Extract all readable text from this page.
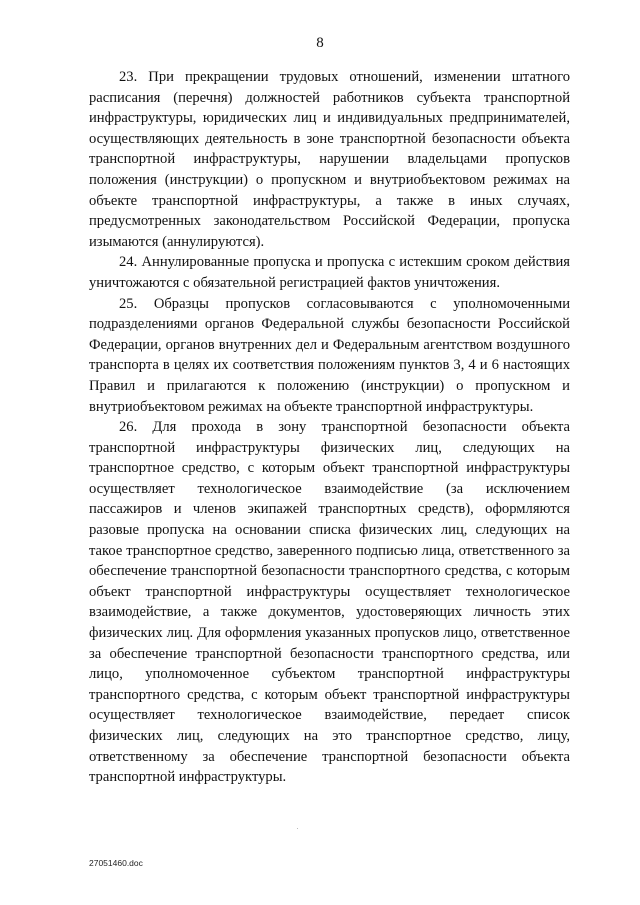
8

23. При прекращении трудовых отношений, изменении штатного расписания (перечня) должностей работников субъекта транспортной инфраструктуры, юридических лиц и индивидуальных предпринимателей, осуществляющих деятельность в зоне транспортной безопасности объекта транспортной инфраструктуры, нарушении владельцами пропусков положения (инструкции) о пропускном и внутриобъектовом режимах на объекте транспортной инфраструктуры, а также в иных случаях, предусмотренных законодательством Российской Федерации, пропуска изымаются (аннулируются).

24. Аннулированные пропуска и пропуска с истекшим сроком действия уничтожаются с обязательной регистрацией фактов уничтожения.

25. Образцы пропусков согласовываются с уполномоченными подразделениями органов Федеральной службы безопасности Российской Федерации, органов внутренних дел и Федеральным агентством воздушного транспорта в целях их соответствия положениям пунктов 3, 4 и 6 настоящих Правил и прилагаются к положению (инструкции) о пропускном и внутриобъектовом режимах на объекте транспортной инфраструктуры.

26. Для прохода в зону транспортной безопасности объекта транспортной инфраструктуры физических лиц, следующих на транспортное средство, с которым объект транспортной инфраструктуры осуществляет технологическое взаимодействие (за исключением пассажиров и членов экипажей транспортных средств), оформляются разовые пропуска на основании списка физических лиц, следующих на такое транспортное средство, заверенного подписью лица, ответственного за обеспечение транспортной безопасности транспортного средства, с которым объект транспортной инфраструктуры осуществляет технологическое взаимодействие, а также документов, удостоверяющих личность этих физических лиц. Для оформления указанных пропусков лицо, ответственное за обеспечение транспортной безопасности транспортного средства, или лицо, уполномоченное субъектом транспортной инфраструктуры транспортного средства, с которым объект транспортной инфраструктуры осуществляет технологическое взаимодействие, передает список физических лиц, следующих на это транспортное средство, лицу, ответственному за обеспечение транспортной безопасности объекта транспортной инфраструктуры.

27051460.doc
